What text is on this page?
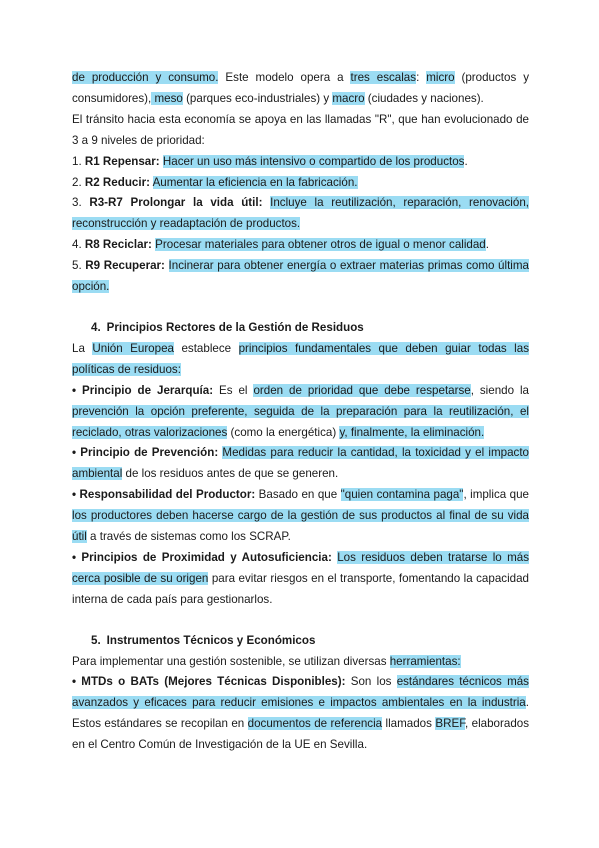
de producción y consumo. Este modelo opera a tres escalas: micro (productos y consumidores), meso (parques eco-industriales) y macro (ciudades y naciones).

El tránsito hacia esta economía se apoya en las llamadas "R", que han evolucionado de 3 a 9 niveles de prioridad:

1. R1 Repensar: Hacer un uso más intensivo o compartido de los productos.

2. R2 Reducir: Aumentar la eficiencia en la fabricación.

3. R3-R7 Prolongar la vida útil: Incluye la reutilización, reparación, renovación, reconstrucción y readaptación de productos.

4. R8 Reciclar: Procesar materiales para obtener otros de igual o menor calidad.

5. R9 Recuperar: Incinerar para obtener energía o extraer materias primas como última opción.

4. Principios Rectores de la Gestión de Residuos

La Unión Europea establece principios fundamentales que deben guiar todas las políticas de residuos:

• Principio de Jerarquía: Es el orden de prioridad que debe respetarse, siendo la prevención la opción preferente, seguida de la preparación para la reutilización, el reciclado, otras valorizaciones (como la energética) y, finalmente, la eliminación.

• Principio de Prevención: Medidas para reducir la cantidad, la toxicidad y el impacto ambiental de los residuos antes de que se generen.

• Responsabilidad del Productor: Basado en que "quien contamina paga", implica que los productores deben hacerse cargo de la gestión de sus productos al final de su vida útil a través de sistemas como los SCRAP.

• Principios de Proximidad y Autosuficiencia: Los residuos deben tratarse lo más cerca posible de su origen para evitar riesgos en el transporte, fomentando la capacidad interna de cada país para gestionarlos.

5. Instrumentos Técnicos y Económicos

Para implementar una gestión sostenible, se utilizan diversas herramientas:

• MTDs o BATs (Mejores Técnicas Disponibles): Son los estándares técnicos más avanzados y eficaces para reducir emisiones e impactos ambientales en la industria. Estos estándares se recopilan en documentos de referencia llamados BREF, elaborados en el Centro Común de Investigación de la UE en Sevilla.
